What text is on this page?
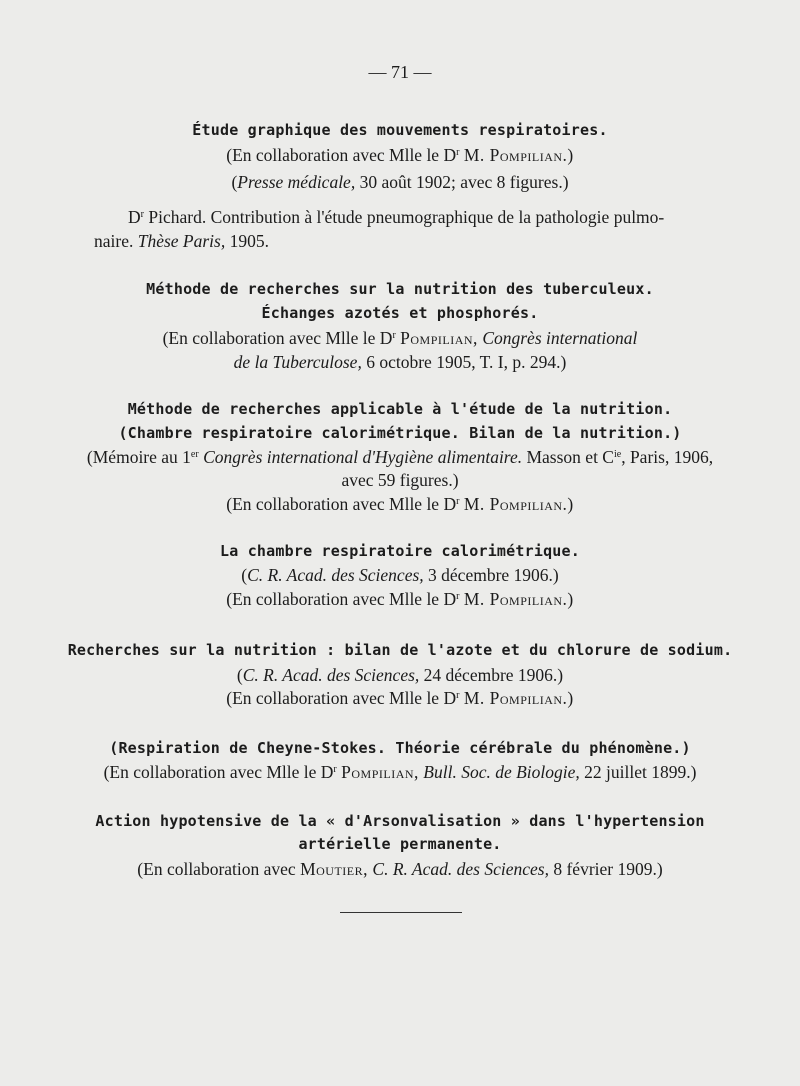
— 71 —
Étude graphique des mouvements respiratoires.
(En collaboration avec Mlle le $D^r$ M. Pompilian.)
(Presse médicale, 30 août 1902; avec 8 figures.)
$D^r$ Pichard. Contribution à l'étude pneumographique de la pathologie pulmo-
naire. Thèse Paris, 1905.
Méthode de recherches sur la nutrition des tuberculeux.
Échanges azotés et phosphorés.
(En collaboration avec Mlle le $D^r$ Pompilian, Congrès international
de la Tuberculose, 6 octobre 1905, T. I, p. 294.)
Méthode de recherches applicable à l'étude de la nutrition.
(Chambre respiratoire calorimétrique. Bilan de la nutrition.)
(Mémoire au 1er Congrès international d'Hygiène alimentaire. Masson et $C^{ie}$, Paris, 1906,
avec 59 figures.)
(En collaboration avec Mlle le $D^r$ M. Pompilian.)
La chambre respiratoire calorimétrique.
(C. R. Acad. des Sciences, 3 décembre 1906.)
(En collaboration avec Mlle le $D^r$ M. Pompilian.)
Recherches sur la nutrition : bilan de l'azote et du chlorure de sodium.
(C. R. Acad. des Sciences, 24 décembre 1906.)
(En collaboration avec Mlle le $D^r$ M. Pompilian.)
(Respiration de Cheyne-Stokes. Théorie cérébrale du phénomène.)
(En collaboration avec Mlle le $D^r$ Pompilian, Bull. Soc. de Biologie, 22 juillet 1899.)
Action hypotensive de la « d'Arsonvalisation » dans l'hypertension
artérielle permanente.
(En collaboration avec Moutier, C. R. Acad. des Sciences, 8 février 1909.)
